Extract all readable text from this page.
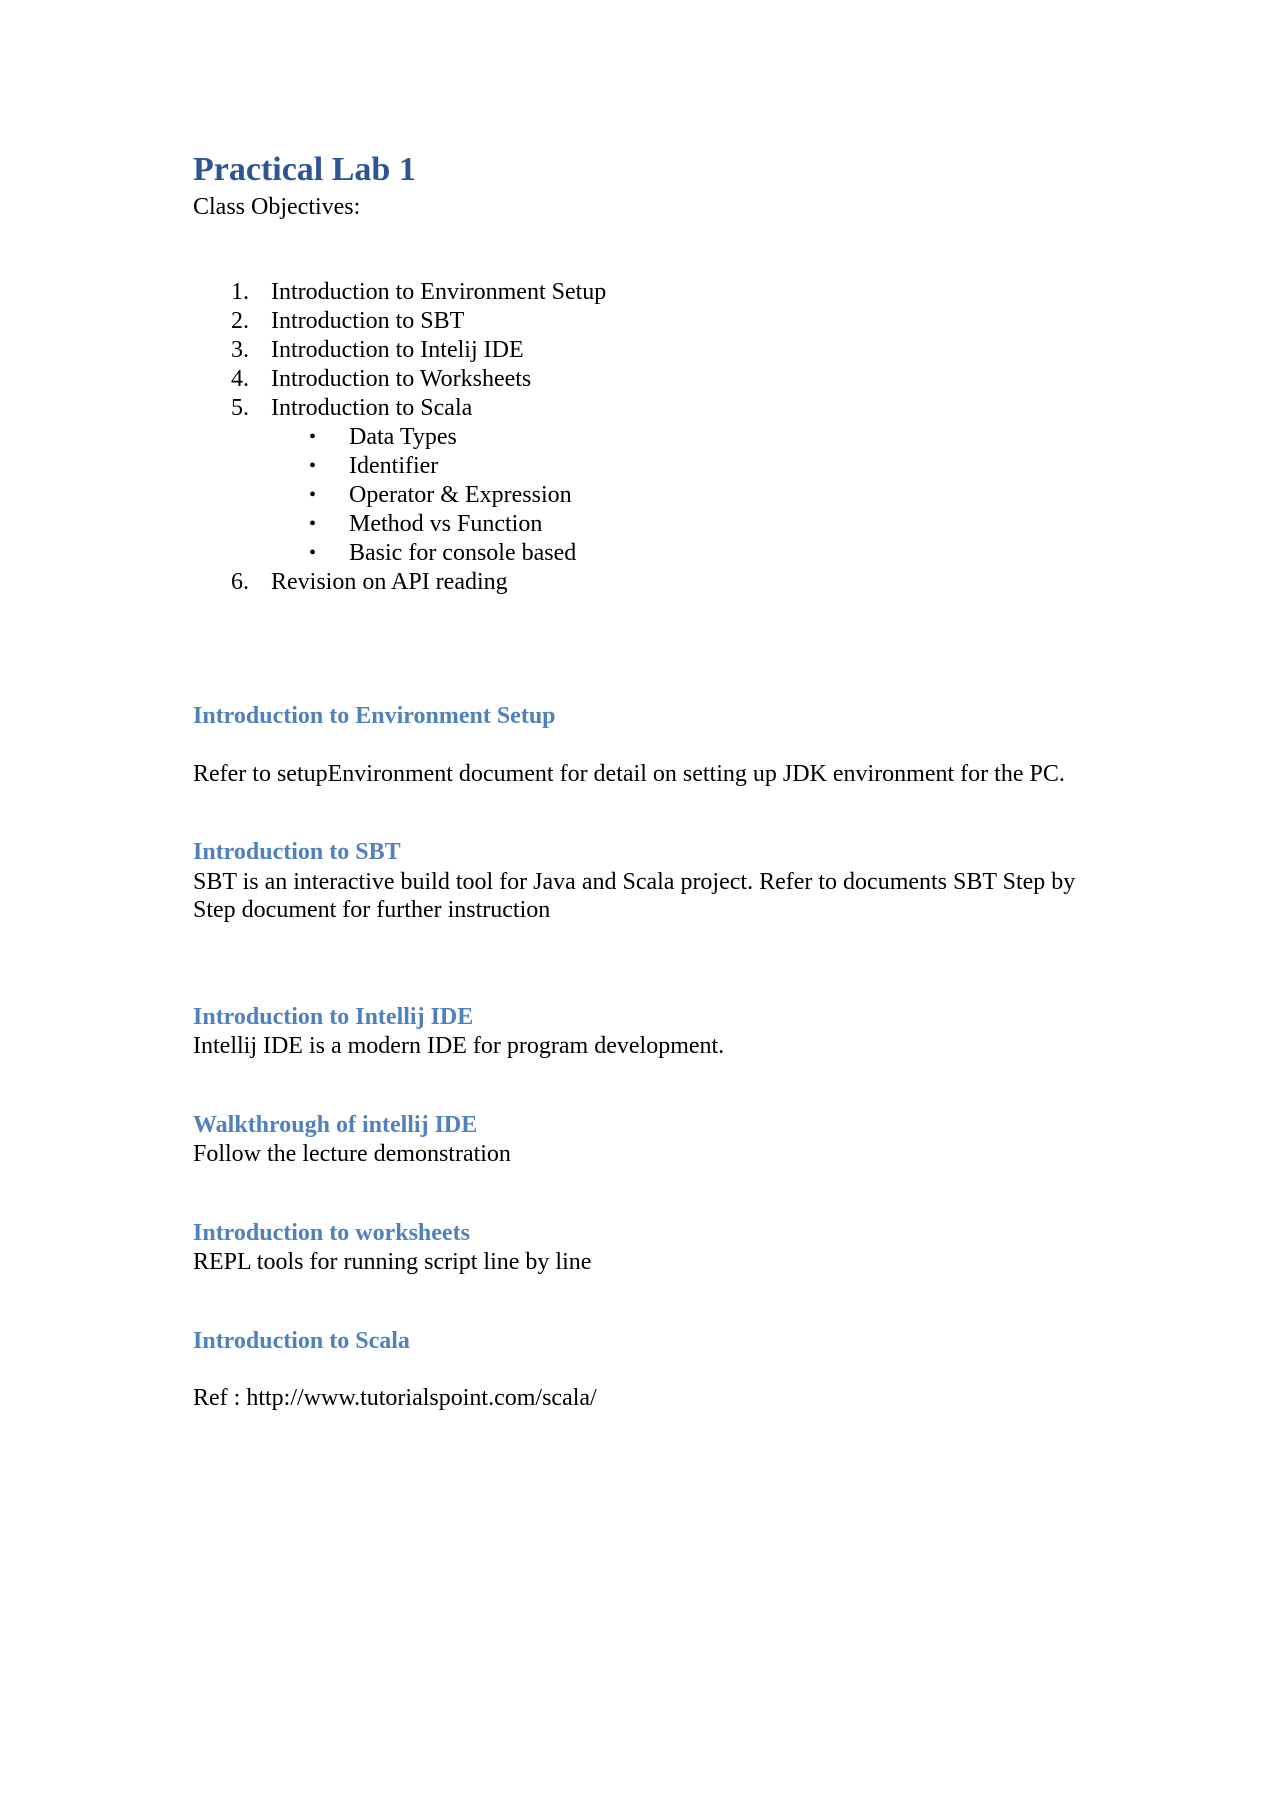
Practical Lab 1

Class Objectives:

1. Introduction to Environment Setup
2. Introduction to SBT
3. Introduction to Intelij IDE
4. Introduction to Worksheets
5. Introduction to Scala
• Data Types
• Identifier
• Operator & Expression
• Method vs Function
• Basic for console based
6. Revision on API reading
Introduction to Environment Setup

Refer to setupEnvironment document for detail on setting up JDK environment for the PC.

Introduction to SBT

SBT is an interactive build tool for Java and Scala project. Refer to documents SBT Step by Step document for further instruction

Introduction to Intellij IDE

Intellij IDE is a modern IDE for program development.

Walkthrough of intellij IDE

Follow the lecture demonstration

Introduction to worksheets

REPL tools for running script line by line

Introduction to Scala

Ref : http://www.tutorialspoint.com/scala/
